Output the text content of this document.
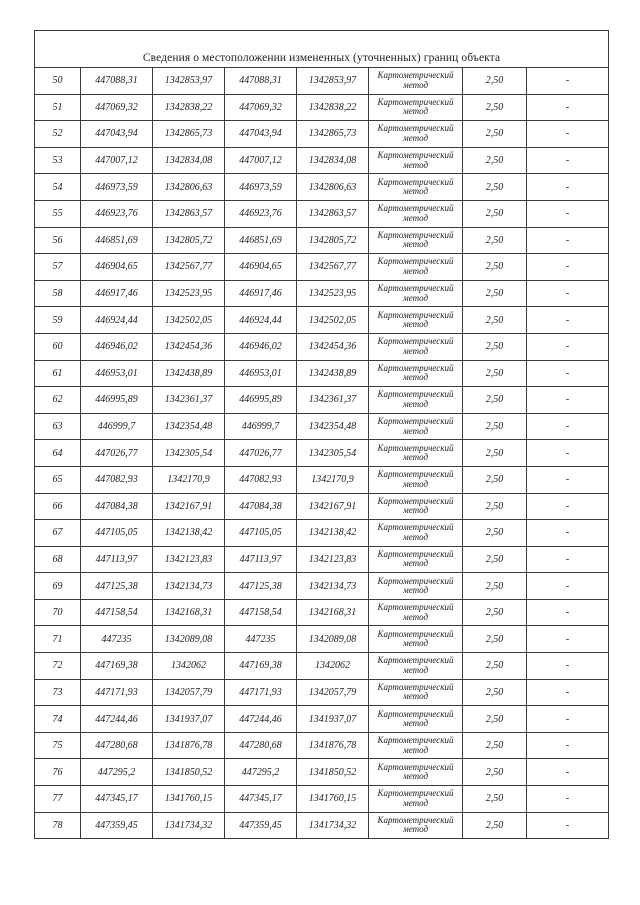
Сведения о местоположении измененных (уточненных) границ объекта							
50	447088,31	1342853,97	447088,31	1342853,97	Картометрический
метод	2,50	-
51	447069,32	1342838,22	447069,32	1342838,22	Картометрический
метод	2,50	-
52	447043,94	1342865,73	447043,94	1342865,73	Картометрический
метод	2,50	-
53	447007,12	1342834,08	447007,12	1342834,08	Картометрический
метод	2,50	-
54	446973,59	1342806,63	446973,59	1342806,63	Картометрический
метод	2,50	-
55	446923,76	1342863,57	446923,76	1342863,57	Картометрический
метод	2,50	-
56	446851,69	1342805,72	446851,69	1342805,72	Картометрический
метод	2,50	-
57	446904,65	1342567,77	446904,65	1342567,77	Картометрический
метод	2,50	-
58	446917,46	1342523,95	446917,46	1342523,95	Картометрический
метод	2,50	-
59	446924,44	1342502,05	446924,44	1342502,05	Картометрический
метод	2,50	-
60	446946,02	1342454,36	446946,02	1342454,36	Картометрический
метод	2,50	-
61	446953,01	1342438,89	446953,01	1342438,89	Картометрический
метод	2,50	-
62	446995,89	1342361,37	446995,89	1342361,37	Картометрический
метод	2,50	-
63	446999,7	1342354,48	446999,7	1342354,48	Картометрический
метод	2,50	-
64	447026,77	1342305,54	447026,77	1342305,54	Картометрический
метод	2,50	-
65	447082,93	1342170,9	447082,93	1342170,9	Картометрический
метод	2,50	-
66	447084,38	1342167,91	447084,38	1342167,91	Картометрический
метод	2,50	-
67	447105,05	1342138,42	447105,05	1342138,42	Картометрический
метод	2,50	-
68	447113,97	1342123,83	447113,97	1342123,83	Картометрический
метод	2,50	-
69	447125,38	1342134,73	447125,38	1342134,73	Картометрический
метод	2,50	-
70	447158,54	1342168,31	447158,54	1342168,31	Картометрический
метод	2,50	-
71	447235	1342089,08	447235	1342089,08	Картометрический
метод	2,50	-
72	447169,38	1342062	447169,38	1342062	Картометрический
метод	2,50	-
73	447171,93	1342057,79	447171,93	1342057,79	Картометрический
метод	2,50	-
74	447244,46	1341937,07	447244,46	1341937,07	Картометрический
метод	2,50	-
75	447280,68	1341876,78	447280,68	1341876,78	Картометрический
метод	2,50	-
76	447295,2	1341850,52	447295,2	1341850,52	Картометрический
метод	2,50	-
77	447345,17	1341760,15	447345,17	1341760,15	Картометрический
метод	2,50	-
78	447359,45	1341734,32	447359,45	1341734,32	Картометрический
метод	2,50	-
